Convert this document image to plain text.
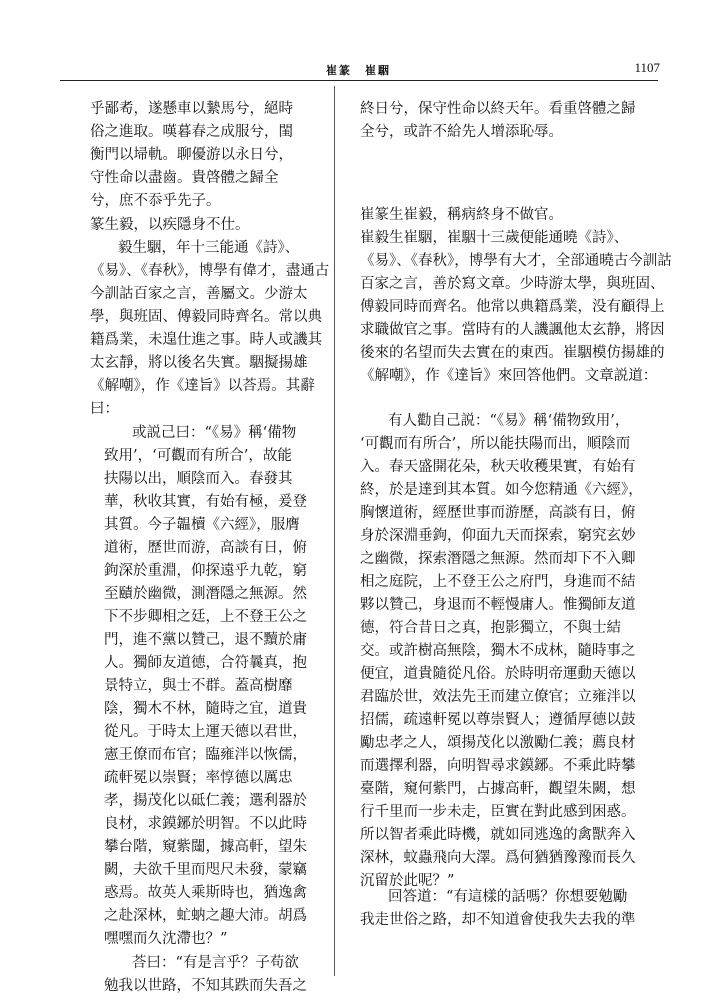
崔篆　崔駰	1107
乎鄙耇，遂懸車以縶馬兮，絕時
俗之進取。嘆暮春之成服兮，閨
衡門以埽軌。聊優游以永日兮，
守性命以盡齒。貴啓體之歸全
兮，庶不忝乎先子。
篆生毅，以疾隱身不仕。
毅生駰，年十三能通《詩》、
《易》、《春秋》，博學有偉才，盡通古
今訓詁百家之言，善屬文。少游太
學，與班固、傅毅同時齊名。常以典
籍爲業，未遑仕進之事。時人或譏其
太玄靜，將以後名失實。駰擬揚雄
《解嘲》，作《達旨》以荅焉。其辭
曰：
或説己曰：“《易》稱‘備物
致用’，‘可觀而有所合’，故能
扶陽以出，順陰而入。春發其
華，秋收其實，有始有極，爰登
其質。今子韞櫝《六經》，服膺
道術，歷世而游，高談有日，俯
鉤深於重淵，仰探遠乎九乾，窮
至賾於幽微，測潛隱之無源。然
下不步卿相之廷，上不登王公之
門，進不黨以贊己，退不黷於庸
人。獨師友道德，合符曩真，抱
景特立，與士不群。蓋高樹靡
陰，獨木不林，隨時之宜，道貴
從凡。于時太上運天德以君世，
憲王僚而布官；臨雍泮以恢儒，
疏軒冕以崇賢；率惇德以厲忠
孝，揚茂化以砥仁義；選利器於
良材，求鏌鋣於明智。不以此時
攀台階，窺紫闥，據高軒，望朱
闕，夫欲千里而咫尺未發，蒙竊
惑焉。故英人乘斯時也，猶逸禽
之赴深林，虻蚋之趣大沛。胡爲
嘿嘿而久沈滯也？”
荅曰：“有是言乎？子苟欲
勉我以世路，不知其跌而失吾之
終日兮，保守性命以終天年。看重啓體之歸
全兮，或許不給先人增添恥辱。
崔篆生崔毅，稱病終身不做官。
崔毅生崔駰，崔駰十三歲便能通曉《詩》、
《易》、《春秋》，博學有大才，全部通曉古今訓詁
百家之言，善於寫文章。少時游太學，與班固、
傅毅同時而齊名。他常以典籍爲業，没有顧得上
求職做官之事。當時有的人譏諷他太玄静，將因
後來的名望而失去實在的東西。崔駰模仿揚雄的
《解嘲》，作《達旨》來回答他們。文章説道：
有人勸自己説：“《易》稱‘備物致用’，
‘可觀而有所合’，所以能扶陽而出，順陰而
入。春天盛開花朵，秋天收穫果實，有始有
終，於是達到其本質。如今您精通《六經》，
胸懷道術，經歷世事而游歷，高談有日，俯
身於深淵垂鉤，仰面九天而探索，窮究玄妙
之幽微，探索潛隱之無源。然而却下不入卿
相之庭院，上不登王公之府門，身進而不結
夥以贊己，身退而不輕慢庸人。惟獨師友道
德，符合昔日之真，抱影獨立，不與士結
交。或許樹高無陰，獨木不成林，隨時事之
便宜，道貴隨從凡俗。於時明帝運動天德以
君臨於世，效法先王而建立僚官；立雍泮以
招儒，疏遠軒冕以尊崇賢人；遵循厚德以鼓
勵忠孝之人，頌揚茂化以激勵仁義；薦良材
而選擇利器，向明智尋求鏌鋣。不乘此時攀
臺階，窺何紫門，占據高軒，觀望朱闕，想
行千里而一步未走，臣實在對此感到困惑。
所以智者乘此時機，就如同逃逸的禽獸奔入
深林，蚊蟲飛向大澤。爲何猶猶豫豫而長久
沉留於此呢？”
回答道：“有這樣的話嗎？你想要勉勵
我走世俗之路，却不知道會使我失去我的準
